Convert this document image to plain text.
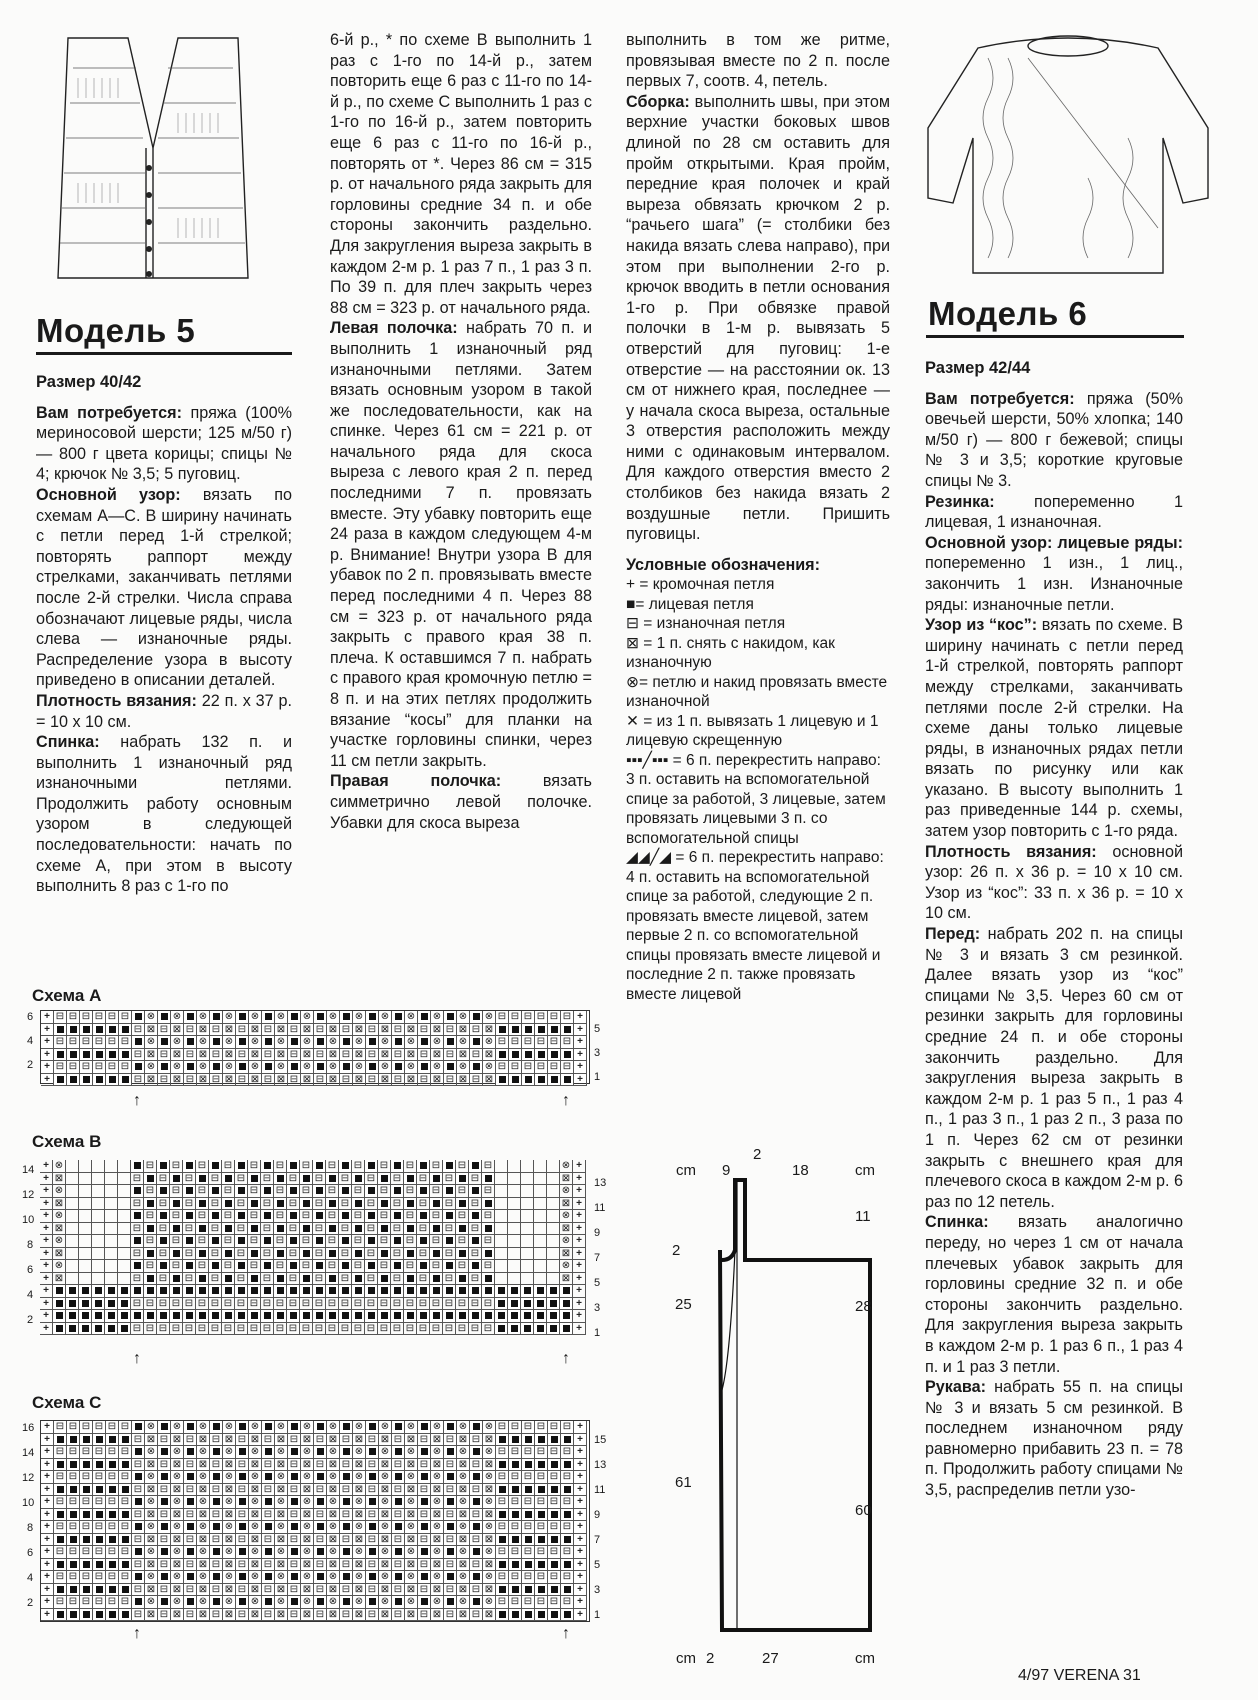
Модель 5

Размер 40/42

Вам потребуется: пряжа (100% мериносовой шерсти; 125 м/50 г) — 800 г цвета корицы; спицы № 4; крючок № 3,5; 5 пуговиц.

Основной узор: вязать по схемам А—С. В ширину начинать с петли перед 1-й стрелкой; повторять раппорт между стрелками, заканчивать петлями после 2-й стрелки. Числа справа обозначают лицевые ряды, числа слева — изнаночные ряды. Распределение узора в высоту приведено в описании деталей.

Плотность вязания: 22 п. х 37 р. = 10 х 10 см.

Спинка: набрать 132 п. и выполнить 1 изнаночный ряд изнаночными петлями. Продолжить работу основным узором в следующей последовательности: начать по схеме А, при этом в высоту выполнить 8 раз с 1-го по

6-й р., * по схеме В выполнить 1 раз с 1-го по 14-й р., затем повторить еще 6 раз с 11-го по 14-й р., по схеме С выполнить 1 раз с 1-го по 16-й р., затем повторить еще 6 раз с 11-го по 16-й р., повторять от *. Через 86 см = 315 р. от начального ряда закрыть для горловины средние 34 п. и обе стороны закончить раздельно. Для закругления выреза закрыть в каждом 2-м р. 1 раз 7 п., 1 раз 3 п. По 39 п. для плеч закрыть через 88 см = 323 р. от начального ряда.

Левая полочка: набрать 70 п. и выполнить 1 изнаночный ряд изнаночными петлями. Затем вязать основным узором в такой же последовательности, как на спинке. Через 61 см = 221 р. от начального ряда для скоса выреза с левого края 2 п. перед последними 7 п. провязать вместе. Эту убавку повторить еще 24 раза в каждом следующем 4-м р. Внимание! Внутри узора В для убавок по 2 п. провязывать вместе перед последними 4 п. Через 88 см = 323 р. от начального ряда закрыть с правого края 38 п. плеча. К оставшимся 7 п. набрать с правого края кромочную петлю = 8 п. и на этих петлях продолжить вязание “косы” для планки на участке горловины спинки, через 11 см петли закрыть.

Правая полочка: вязать симметрично левой полочке. Убавки для скоса выреза

выполнить в том же ритме, провязывая вместе по 2 п. после первых 7, соотв. 4, петель.

Сборка: выполнить швы, при этом верхние участки боковых швов длиной по 28 см оставить для пройм открытыми. Края пройм, передние края полочек и край выреза обвязать крючком 2 р. “рачьего шага” (= столбики без накида вязать слева направо), при этом при выполнении 2-го р. крючок вводить в петли основания 1-го р. При обвязке правой полочки в 1-м р. вывязать 5 отверстий для пуговиц: 1-е отверстие — на расстоянии ок. 13 см от нижнего края, последнее — у начала скоса выреза, остальные 3 отверстия расположить между ними с одинаковым интервалом. Для каждого отверстия вместо 2 столбиков без накида вязать 2 воздушные петли. Пришить пуговицы.

Условные обозначения:

+ = кромочная петля

■= лицевая петля

⊟ = изнаночная петля

⊠ = 1 п. снять с накидом, как изнаночную

⊗= петлю и накид провязать вместе изнаночной

✕ = из 1 п. вывязать 1 лицевую и 1 лицевую скрещенную

▪▪▪╱▪▪▪ = 6 п. перекрестить направо: 3 п. оставить на вспомогательной спице за работой, 3 лицевые, затем провязать лицевыми 3 п. со вспомогательной спицы

◢◢╱◢ = 6 п. перекрестить направо: 4 п. оставить на вспомогательной спице за работой, следующие 2 п. провязать вместе лицевой, затем первые 2 п. со вспомогательной спицы провязать вместе лицевой и последние 2 п. также провязать вместе лицевой

Модель 6

Размер 42/44

Вам потребуется: пряжа (50% овечьей шерсти, 50% хлопка; 140 м/50 г) — 800 г бежевой; спицы № 3 и 3,5; короткие круговые спицы № 3.

Резинка: попеременно 1 лицевая, 1 изнаночная.

Основной узор: лицевые ряды: попеременно 1 изн., 1 лиц., закончить 1 изн. Изнаночные ряды: изнаночные петли.

Узор из “кос”: вязать по схеме. В ширину начинать с петли перед 1-й стрелкой, повторять раппорт между стрелками, заканчивать петлями после 2-й стрелки. На схеме даны только лицевые ряды, в изнаночных рядах петли вязать по рисунку или как указано. В высоту выполнить 1 раз приведенные 144 р. схемы, затем узор повторить с 1-го ряда.

Плотность вязания: основной узор: 26 п. х 36 р. = 10 х 10 см. Узор из “кос”: 33 п. х 36 р. = 10 х 10 см.

Перед: набрать 202 п. на спицы № 3 и вязать 3 см резинкой. Далее вязать узор из “кос” спицами № 3,5. Через 60 см от резинки закрыть для горловины средние 24 п. и обе стороны закончить раздельно. Для закругления выреза закрыть в каждом 2-м р. 1 раз 5 п., 1 раз 4 п., 1 раз 3 п., 1 раз 2 п., 3 раза по 1 п. Через 62 см от резинки закрыть с внешнего края для плечевого скоса в каждом 2-м р. 6 раз по 12 петель.

Спинка: вязать аналогично переду, но через 1 см от начала плечевых убавок закрыть для горловины средние 32 п. и обе стороны закончить раздельно. Для закругления выреза закрыть в каждом 2-м р. 1 раз 6 п., 1 раз 4 п. и 1 раз 3 петли.

Рукава: набрать 55 п. на спицы № 3 и вязать 5 см резинкой. В последнем изнаночном ряду равномерно прибавить 23 п. = 78 п. Продолжить работу спицами № 3,5, распределив петли узо-

Схема А
+
⊟
⊟
⊟
⊟
⊟
⊟
⊗
⊗
⊗
⊗
⊗
⊗
⊗
⊗
⊗
⊗
⊗
⊗
⊗
⊗
⊟
⊟
⊟
⊟
⊟
⊟
+
+
⊟
⊠
⊟
⊠
⊟
⊠
⊟
⊠
⊟
⊠
⊟
⊠
⊟
⊠
⊟
⊠
⊟
⊠
⊟
⊠
⊟
⊠
⊟
⊠
⊟
⊠
⊟
⊠
+
+
⊟
⊟
⊟
⊟
⊟
⊟
⊗
⊗
⊗
⊗
⊗
⊗
⊗
⊗
⊗
⊗
⊗
⊗
⊗
⊗
⊟
⊟
⊟
⊟
⊟
⊟
+
+
⊟
⊠
⊟
⊠
⊟
⊠
⊟
⊠
⊟
⊠
⊟
⊠
⊟
⊠
⊟
⊠
⊟
⊠
⊟
⊠
⊟
⊠
⊟
⊠
⊟
⊠
⊟
⊠
+
+
⊟
⊟
⊟
⊟
⊟
⊟
⊗
⊗
⊗
⊗
⊗
⊗
⊗
⊗
⊗
⊗
⊗
⊗
⊗
⊗
⊟
⊟
⊟
⊟
⊟
⊟
+
+
⊟
⊠
⊟
⊠
⊟
⊠
⊟
⊠
⊟
⊠
⊟
⊠
⊟
⊠
⊟
⊠
⊟
⊠
⊟
⊠
⊟
⊠
⊟
⊠
⊟
⊠
⊟
⊠
+
6
4
2
5
3
1
↑	↑
Схема В
+
⊗
⊟
⊟
⊟
⊟
⊟
⊟
⊟
⊟
⊟
⊟
⊟
⊟
⊟
⊟
⊗
+
+
⊠
⊟
⊟
⊟
⊟
⊟
⊟
⊟
⊟
⊟
⊟
⊟
⊟
⊟
⊟
⊠
+
+
⊗
⊟
⊟
⊟
⊟
⊟
⊟
⊟
⊟
⊟
⊟
⊟
⊟
⊟
⊟
⊗
+
+
⊠
⊟
⊟
⊟
⊟
⊟
⊟
⊟
⊟
⊟
⊟
⊟
⊟
⊟
⊟
⊠
+
+
⊗
⊟
⊟
⊟
⊟
⊟
⊟
⊟
⊟
⊟
⊟
⊟
⊟
⊟
⊟
⊗
+
+
⊠
⊟
⊟
⊟
⊟
⊟
⊟
⊟
⊟
⊟
⊟
⊟
⊟
⊟
⊟
⊠
+
+
⊗
⊟
⊟
⊟
⊟
⊟
⊟
⊟
⊟
⊟
⊟
⊟
⊟
⊟
⊟
⊗
+
+
⊠
⊟
⊟
⊟
⊟
⊟
⊟
⊟
⊟
⊟
⊟
⊟
⊟
⊟
⊟
⊠
+
+
⊗
⊟
⊟
⊟
⊟
⊟
⊟
⊟
⊟
⊟
⊟
⊟
⊟
⊟
⊟
⊗
+
+
⊠
⊟
⊟
⊟
⊟
⊟
⊟
⊟
⊟
⊟
⊟
⊟
⊟
⊟
⊟
⊠
+
+
+
+
⊟
⊟
⊟
⊟
⊟
⊟
⊟
⊟
⊟
⊟
⊟
⊟
⊟
⊟
⊟
⊟
⊟
⊟
⊟
⊟
⊟
⊟
⊟
⊟
⊟
⊟
⊟
⊟
+
+
+
+
⊟
⊟
⊟
⊟
⊟
⊟
⊟
⊟
⊟
⊟
⊟
⊟
⊟
⊟
⊟
⊟
⊟
⊟
⊟
⊟
⊟
⊟
⊟
⊟
⊟
⊟
⊟
⊟
+
14
12
10
8
6
4
2
13
11
9
7
5
3
1
↑	↑
Схема С
+
⊟
⊟
⊟
⊟
⊟
⊟
⊗
⊗
⊗
⊗
⊗
⊗
⊗
⊗
⊗
⊗
⊗
⊗
⊗
⊗
⊟
⊟
⊟
⊟
⊟
⊟
+
+
⊟
⊠
⊟
⊠
⊟
⊠
⊟
⊠
⊟
⊠
⊟
⊠
⊟
⊠
⊟
⊠
⊟
⊠
⊟
⊠
⊟
⊠
⊟
⊠
⊟
⊠
⊟
⊠
+
+
⊟
⊟
⊟
⊟
⊟
⊟
⊗
⊗
⊗
⊗
⊗
⊗
⊗
⊗
⊗
⊗
⊗
⊗
⊗
⊗
⊟
⊟
⊟
⊟
⊟
⊟
+
+
⊟
⊠
⊟
⊠
⊟
⊠
⊟
⊠
⊟
⊠
⊟
⊠
⊟
⊠
⊟
⊠
⊟
⊠
⊟
⊠
⊟
⊠
⊟
⊠
⊟
⊠
⊟
⊠
+
+
⊟
⊟
⊟
⊟
⊟
⊟
⊗
⊗
⊗
⊗
⊗
⊗
⊗
⊗
⊗
⊗
⊗
⊗
⊗
⊗
⊟
⊟
⊟
⊟
⊟
⊟
+
+
⊟
⊠
⊟
⊠
⊟
⊠
⊟
⊠
⊟
⊠
⊟
⊠
⊟
⊠
⊟
⊠
⊟
⊠
⊟
⊠
⊟
⊠
⊟
⊠
⊟
⊠
⊟
⊠
+
+
⊟
⊟
⊟
⊟
⊟
⊟
⊗
⊗
⊗
⊗
⊗
⊗
⊗
⊗
⊗
⊗
⊗
⊗
⊗
⊗
⊟
⊟
⊟
⊟
⊟
⊟
+
+
⊟
⊠
⊟
⊠
⊟
⊠
⊟
⊠
⊟
⊠
⊟
⊠
⊟
⊠
⊟
⊠
⊟
⊠
⊟
⊠
⊟
⊠
⊟
⊠
⊟
⊠
⊟
⊠
+
+
⊟
⊟
⊟
⊟
⊟
⊟
⊗
⊗
⊗
⊗
⊗
⊗
⊗
⊗
⊗
⊗
⊗
⊗
⊗
⊗
⊟
⊟
⊟
⊟
⊟
⊟
+
+
⊟
⊠
⊟
⊠
⊟
⊠
⊟
⊠
⊟
⊠
⊟
⊠
⊟
⊠
⊟
⊠
⊟
⊠
⊟
⊠
⊟
⊠
⊟
⊠
⊟
⊠
⊟
⊠
+
+
⊟
⊟
⊟
⊟
⊟
⊟
⊗
⊗
⊗
⊗
⊗
⊗
⊗
⊗
⊗
⊗
⊗
⊗
⊗
⊗
⊟
⊟
⊟
⊟
⊟
⊟
+
+
⊟
⊠
⊟
⊠
⊟
⊠
⊟
⊠
⊟
⊠
⊟
⊠
⊟
⊠
⊟
⊠
⊟
⊠
⊟
⊠
⊟
⊠
⊟
⊠
⊟
⊠
⊟
⊠
+
+
⊟
⊟
⊟
⊟
⊟
⊟
⊗
⊗
⊗
⊗
⊗
⊗
⊗
⊗
⊗
⊗
⊗
⊗
⊗
⊗
⊟
⊟
⊟
⊟
⊟
⊟
+
+
⊟
⊠
⊟
⊠
⊟
⊠
⊟
⊠
⊟
⊠
⊟
⊠
⊟
⊠
⊟
⊠
⊟
⊠
⊟
⊠
⊟
⊠
⊟
⊠
⊟
⊠
⊟
⊠
+
+
⊟
⊟
⊟
⊟
⊟
⊟
⊗
⊗
⊗
⊗
⊗
⊗
⊗
⊗
⊗
⊗
⊗
⊗
⊗
⊗
⊟
⊟
⊟
⊟
⊟
⊟
+
+
⊟
⊠
⊟
⊠
⊟
⊠
⊟
⊠
⊟
⊠
⊟
⊠
⊟
⊠
⊟
⊠
⊟
⊠
⊟
⊠
⊟
⊠
⊟
⊠
⊟
⊠
⊟
⊠
+
16
14
12
10
8
6
4
2
15
13
11
9
7
5
3
1
↑	↑
cm 9
2
18	cm
2
25
61
11
28
60
cm 2	27	cm
4/97 VERENA 31
